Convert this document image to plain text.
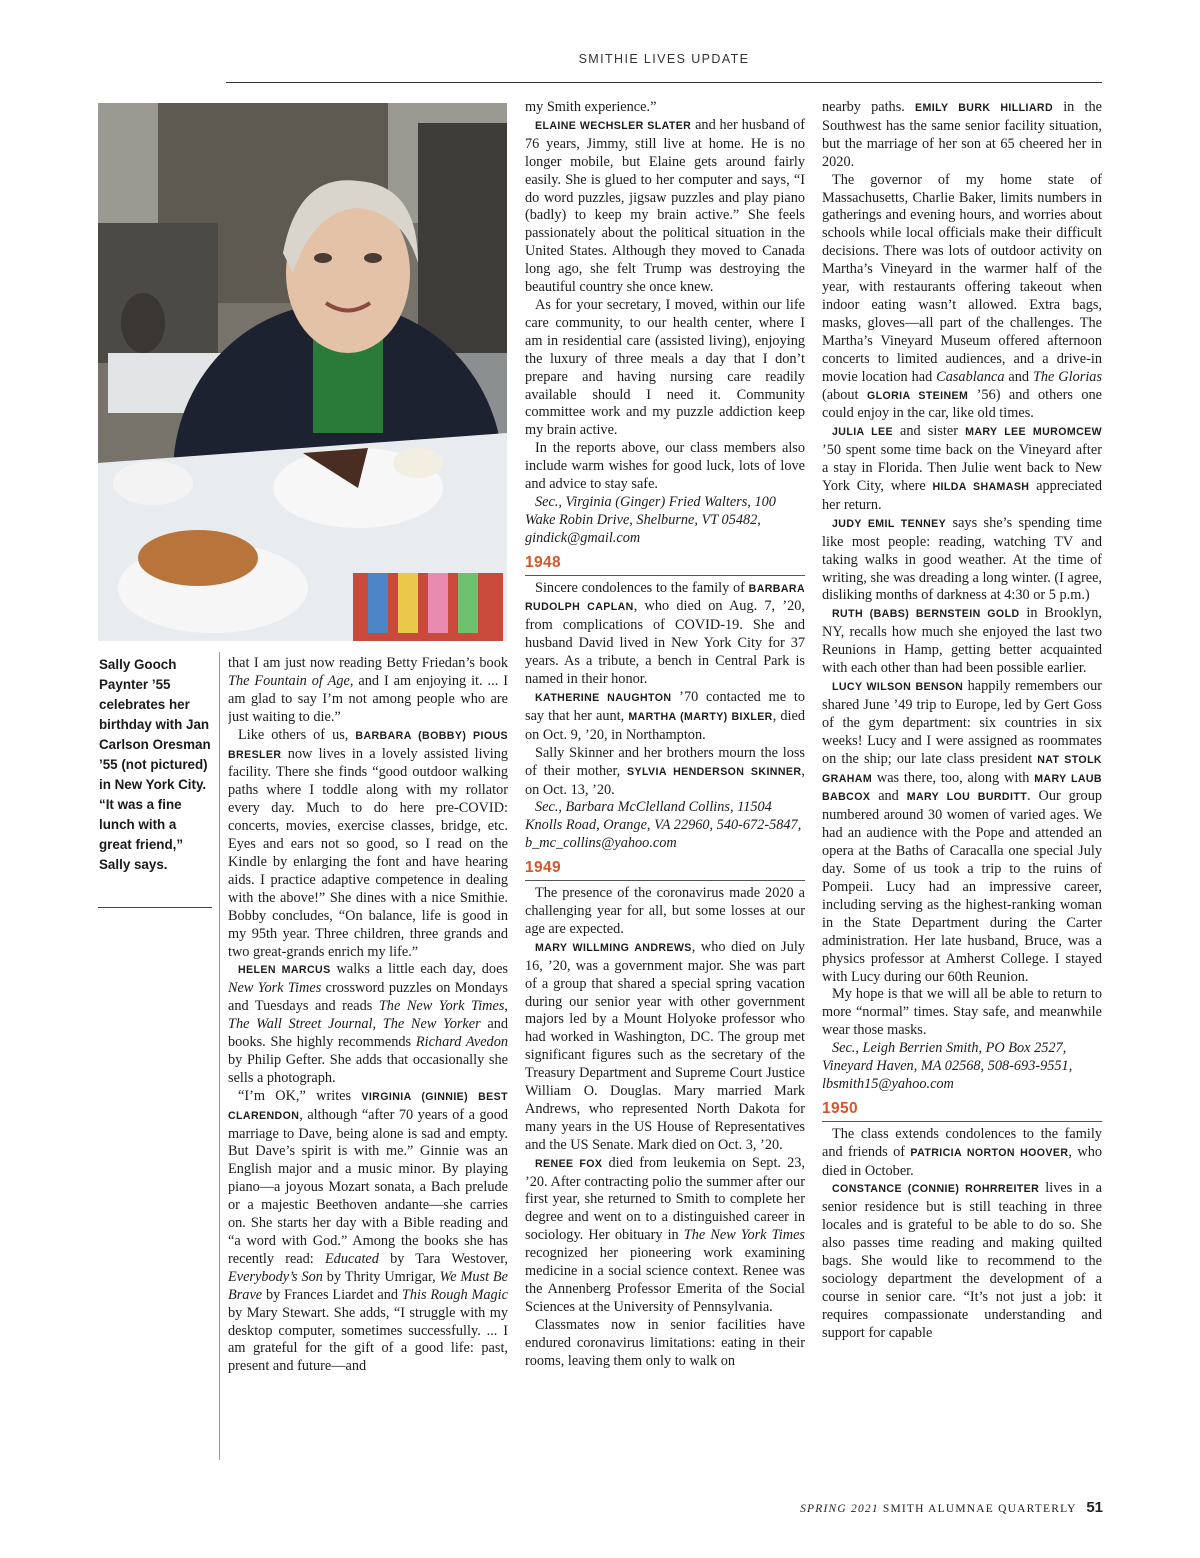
SMITHIE LIVES UPDATE
Sally Gooch Paynter ’55 celebrates her birthday with Jan Carlson Oresman ’55 (not pictured) in New York City. “It was a fine lunch with a great friend,” Sally says.

that I am just now reading Betty Friedan’s book The Fountain of Age, and I am enjoying it. ... I am glad to say I’m not among people who are just waiting to die.”

Like others of us, BARBARA (BOBBY) PIOUS BRESLER now lives in a lovely assisted living facility. There she finds “good outdoor walking paths where I toddle along with my rollator every day. Much to do here pre-COVID: concerts, movies, exercise classes, bridge, etc. Eyes and ears not so good, so I read on the Kindle by enlarging the font and have hearing aids. I practice adaptive competence in dealing with the above!” She dines with a nice Smithie. Bobby concludes, “On balance, life is good in my 95th year. Three children, three grands and two great-grands enrich my life.”

HELEN MARCUS walks a little each day, does New York Times crossword puzzles on Mondays and Tuesdays and reads The New York Times, The Wall Street Journal, The New Yorker and books. She highly recommends Richard Avedon by Philip Gefter. She adds that occasionally she sells a photograph.

“I’m OK,” writes VIRGINIA (GINNIE) BEST CLARENDON, although “after 70 years of a good marriage to Dave, being alone is sad and empty. But Dave’s spirit is with me.” Ginnie was an English major and a music minor. By playing piano—a joyous Mozart sonata, a Bach prelude or a majestic Beethoven andante—she carries on. She starts her day with a Bible reading and “a word with God.” Among the books she has recently read: Educated by Tara Westover, Everybody’s Son by Thrity Umrigar, We Must Be Brave by Frances Liardet and This Rough Magic by Mary Stewart. She adds, “I struggle with my desktop computer, sometimes successfully. ... I am grateful for the gift of a good life: past, present and future—and

my Smith experience.”

ELAINE WECHSLER SLATER and her husband of 76 years, Jimmy, still live at home. He is no longer mobile, but Elaine gets around fairly easily. She is glued to her computer and says, “I do word puzzles, jigsaw puzzles and play piano (badly) to keep my brain active.” She feels passionately about the political situation in the United States. Although they moved to Canada long ago, she felt Trump was destroying the beautiful country she once knew.

As for your secretary, I moved, within our life care community, to our health center, where I am in residential care (assisted living), enjoying the luxury of three meals a day that I don’t prepare and having nursing care readily available should I need it. Community committee work and my puzzle addiction keep my brain active.

In the reports above, our class members also include warm wishes for good luck, lots of love and advice to stay safe.

Sec., Virginia (Ginger) Fried Walters, 100 Wake Robin Drive, Shelburne, VT 05482, gindick@gmail.com

1948

Sincere condolences to the family of BARBARA RUDOLPH CAPLAN, who died on Aug. 7, ’20, from complications of COVID-19. She and husband David lived in New York City for 37 years. As a tribute, a bench in Central Park is named in their honor.

KATHERINE NAUGHTON ’70 contacted me to say that her aunt, MARTHA (MARTY) BIXLER, died on Oct. 9, ’20, in Northampton.

Sally Skinner and her brothers mourn the loss of their mother, SYLVIA HENDERSON SKINNER, on Oct. 13, ’20.

Sec., Barbara McClelland Collins, 11504 Knolls Road, Orange, VA 22960, 540-672-5847, b_mc_collins@yahoo.com

1949

The presence of the coronavirus made 2020 a challenging year for all, but some losses at our age are expected.

MARY WILLMING ANDREWS, who died on July 16, ’20, was a government major. She was part of a group that shared a special spring vacation during our senior year with other government majors led by a Mount Holyoke professor who had worked in Washington, DC. The group met significant figures such as the secretary of the Treasury Department and Supreme Court Justice William O. Douglas. Mary married Mark Andrews, who represented North Dakota for many years in the US House of Representatives and the US Senate. Mark died on Oct. 3, ’20.

RENEE FOX died from leukemia on Sept. 23, ’20. After contracting polio the summer after our first year, she returned to Smith to complete her degree and went on to a distinguished career in sociology. Her obituary in The New York Times recognized her pioneering work examining medicine in a social science context. Renee was the Annenberg Professor Emerita of the Social Sciences at the University of Pennsylvania.

Classmates now in senior facilities have endured coronavirus limitations: eating in their rooms, leaving them only to walk on

nearby paths. EMILY BURK HILLIARD in the Southwest has the same senior facility situation, but the marriage of her son at 65 cheered her in 2020.

The governor of my home state of Massachusetts, Charlie Baker, limits numbers in gatherings and evening hours, and worries about schools while local officials make their difficult decisions. There was lots of outdoor activity on Martha’s Vineyard in the warmer half of the year, with restaurants offering takeout when indoor eating wasn’t allowed. Extra bags, masks, gloves—all part of the challenges. The Martha’s Vineyard Museum offered afternoon concerts to limited audiences, and a drive-in movie location had Casablanca and The Glorias (about GLORIA STEINEM ’56) and others one could enjoy in the car, like old times.

JULIA LEE and sister MARY LEE MUROMCEW ’50 spent some time back on the Vineyard after a stay in Florida. Then Julie went back to New York City, where HILDA SHAMASH appreciated her return.

JUDY EMIL TENNEY says she’s spending time like most people: reading, watching TV and taking walks in good weather. At the time of writing, she was dreading a long winter. (I agree, disliking months of darkness at 4:30 or 5 p.m.)

RUTH (BABS) BERNSTEIN GOLD in Brooklyn, NY, recalls how much she enjoyed the last two Reunions in Hamp, getting better acquainted with each other than had been possible earlier.

LUCY WILSON BENSON happily remembers our shared June ’49 trip to Europe, led by Gert Goss of the gym department: six countries in six weeks! Lucy and I were assigned as roommates on the ship; our late class president NAT STOLK GRAHAM was there, too, along with MARY LAUB BABCOX and MARY LOU BURDITT. Our group numbered around 30 women of varied ages. We had an audience with the Pope and attended an opera at the Baths of Caracalla one special July day. Some of us took a trip to the ruins of Pompeii. Lucy had an impressive career, including serving as the highest-ranking woman in the State Department during the Carter administration. Her late husband, Bruce, was a physics professor at Amherst College. I stayed with Lucy during our 60th Reunion.

My hope is that we will all be able to return to more “normal” times. Stay safe, and meanwhile wear those masks.

Sec., Leigh Berrien Smith, PO Box 2527, Vineyard Haven, MA 02568, 508-693-9551, lbsmith15@yahoo.com

1950

The class extends condolences to the family and friends of PATRICIA NORTON HOOVER, who died in October.

CONSTANCE (CONNIE) ROHRREITER lives in a senior residence but is still teaching in three locales and is grateful to be able to do so. She also passes time reading and making quilted bags. She would like to recommend to the sociology department the development of a course in senior care. “It’s not just a job: it requires compassionate understanding and support for capable

SPRING 2021 SMITH ALUMNAE QUARTERLY 51
